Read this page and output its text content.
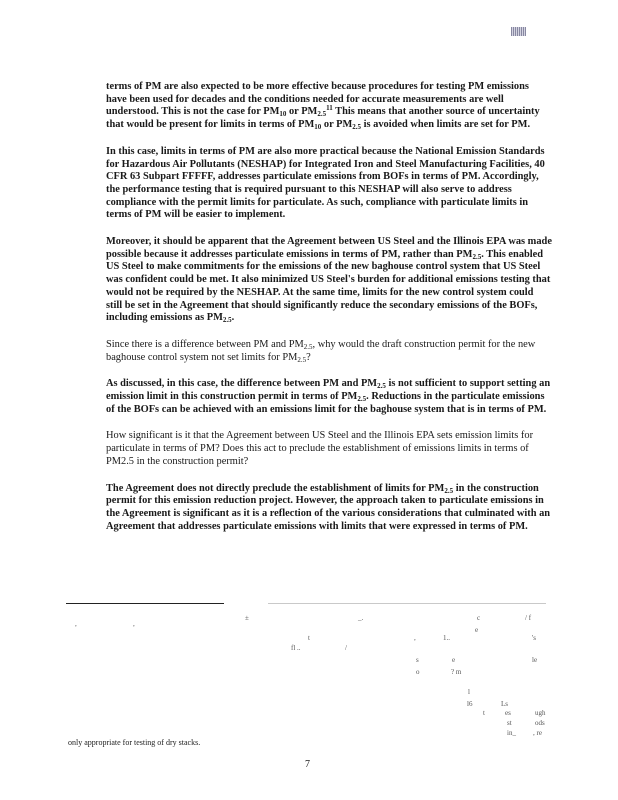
terms of PM are also expected to be more effective because procedures for testing PM emissions have been used for decades and the conditions needed for accurate measurements are well understood. This is not the case for $PM_{10}$ or $PM_{2.5}^{11}$ This means that another source of uncertainty that would be present for limits in terms of $PM_{10}$ or $PM_{2.5}$ is avoided when limits are set for PM.

In this case, limits in terms of PM are also more practical because the National Emission Standards for Hazardous Air Pollutants (NESHAP) for Integrated Iron and Steel Manufacturing Facilities, 40 CFR 63 Subpart FFFFF, addresses particulate emissions from BOFs in terms of PM. Accordingly, the performance testing that is required pursuant to this NESHAP will also serve to address compliance with the permit limits for particulate. As such, compliance with particulate limits in terms of PM will be easier to implement.

Moreover, it should be apparent that the Agreement between US Steel and the Illinois EPA was made possible because it addresses particulate emissions in terms of PM, rather than $PM_{2.5}$. This enabled US Steel to make commitments for the emissions of the new baghouse control system that US Steel was confident could be met. It also minimized US Steel's burden for additional emissions testing that would not be required by the NESHAP. At the same time, limits for the new control system could still be set in the Agreement that should significantly reduce the secondary emissions of the BOFs, including emissions as $PM_{2.5}$.

Since there is a difference between PM and $PM_{2.5}$, why would the draft construction permit for the new baghouse control system not set limits for $PM_{2.5}$?

As discussed, in this case, the difference between PM and $PM_{2.5}$ is not sufficient to support setting an emission limit in this construction permit in terms of $PM_{2.5}$. Reductions in the particulate emissions of the BOFs can be achieved with an emissions limit for the baghouse system that is in terms of PM.

How significant is it that the Agreement between US Steel and the Illinois EPA sets emission limits for particulate in terms of PM? Does this act to preclude the establishment of emissions limits in terms of PM2.5 in the construction permit?

The Agreement does not directly preclude the establishment of limits for $PM_{2.5}$ in the construction permit for this emission reduction project. However, the approach taken to particulate emissions in the Agreement is significant as it is a reflection of the various considerations that culminated with an Agreement that addresses particulate emissions with limits that were expressed in terms of PM.

,	,
±	_.	c	/ f
e
t	,	1..	's
fl ..	/
s	e	le
o	? m
l
l6	Ls
t	es	ugh
st	ods
in_ , re
only appropriate for testing of dry stacks.
7
